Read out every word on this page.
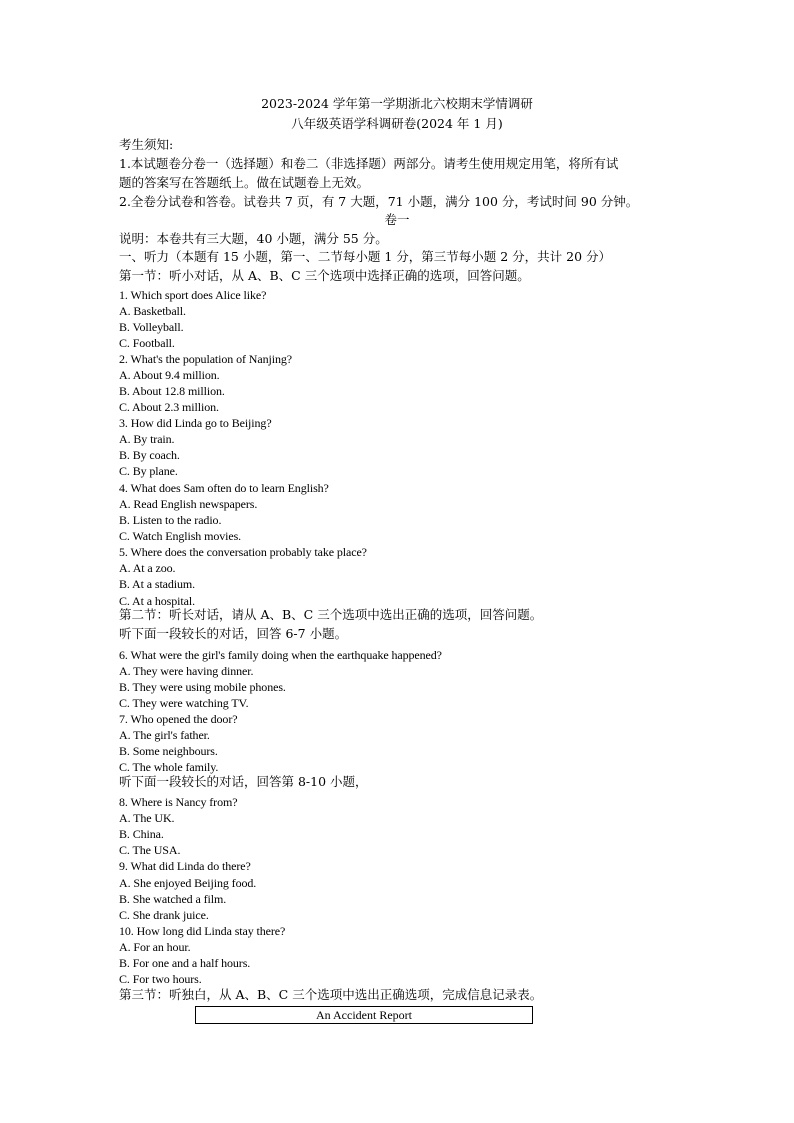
2023-2024 学年第一学期浙北六校期末学情调研
八年级英语学科调研卷(2024 年 1 月)
考生须知:
1.本试题卷分卷一（选择题）和卷二（非选择题）两部分。请考生使用规定用笔，将所有试
题的答案写在答题纸上。做在试题卷上无效。
2.全卷分试卷和答卷。试卷共 7 页，有 7 大题，71 小题，满分 100 分，考试时间 90 分钟。
卷一
说明：本卷共有三大题，40 小题，满分 55 分。
一、听力（本题有 15 小题，第一、二节每小题 1 分，第三节每小题 2 分，共计 20 分）
第一节：听小对话，从 A、B、C 三个选项中选择正确的选项，回答问题。
1. Which sport does Alice like?
A. Basketball.
B. Volleyball.
C. Football.
2. What's the population of Nanjing?
A. About 9.4 million.
B. About 12.8 million.
C. About 2.3 million.
3. How did Linda go to Beijing?
A. By train.
B. By coach.
C. By plane.
4. What does Sam often do to learn English?
A. Read English newspapers.
B. Listen to the radio.
C. Watch English movies.
5. Where does the conversation probably take place?
A. At a zoo.
B. At a stadium.
C. At a hospital.
第二节：听长对话，请从 A、B、C 三个选项中选出正确的选项，回答问题。
听下面一段较长的对话，回答 6-7 小题。
6. What were the girl's family doing when the earthquake happened?
A. They were having dinner.
B. They were using mobile phones.
C. They were watching TV.
7. Who opened the door?
A. The girl's father.
B. Some neighbours.
C. The whole family.
听下面一段较长的对话，回答第 8-10 小题，
8. Where is Nancy from?
A. The UK.
B. China.
C. The USA.
9. What did Linda do there?
A. She enjoyed Beijing food.
B. She watched a film.
C. She drank juice.
10. How long did Linda stay there?
A. For an hour.
B. For one and a half hours.
C. For two hours.
第三节：听独白，从 A、B、C 三个选项中选出正确选项，完成信息记录表。
An Accident Report
